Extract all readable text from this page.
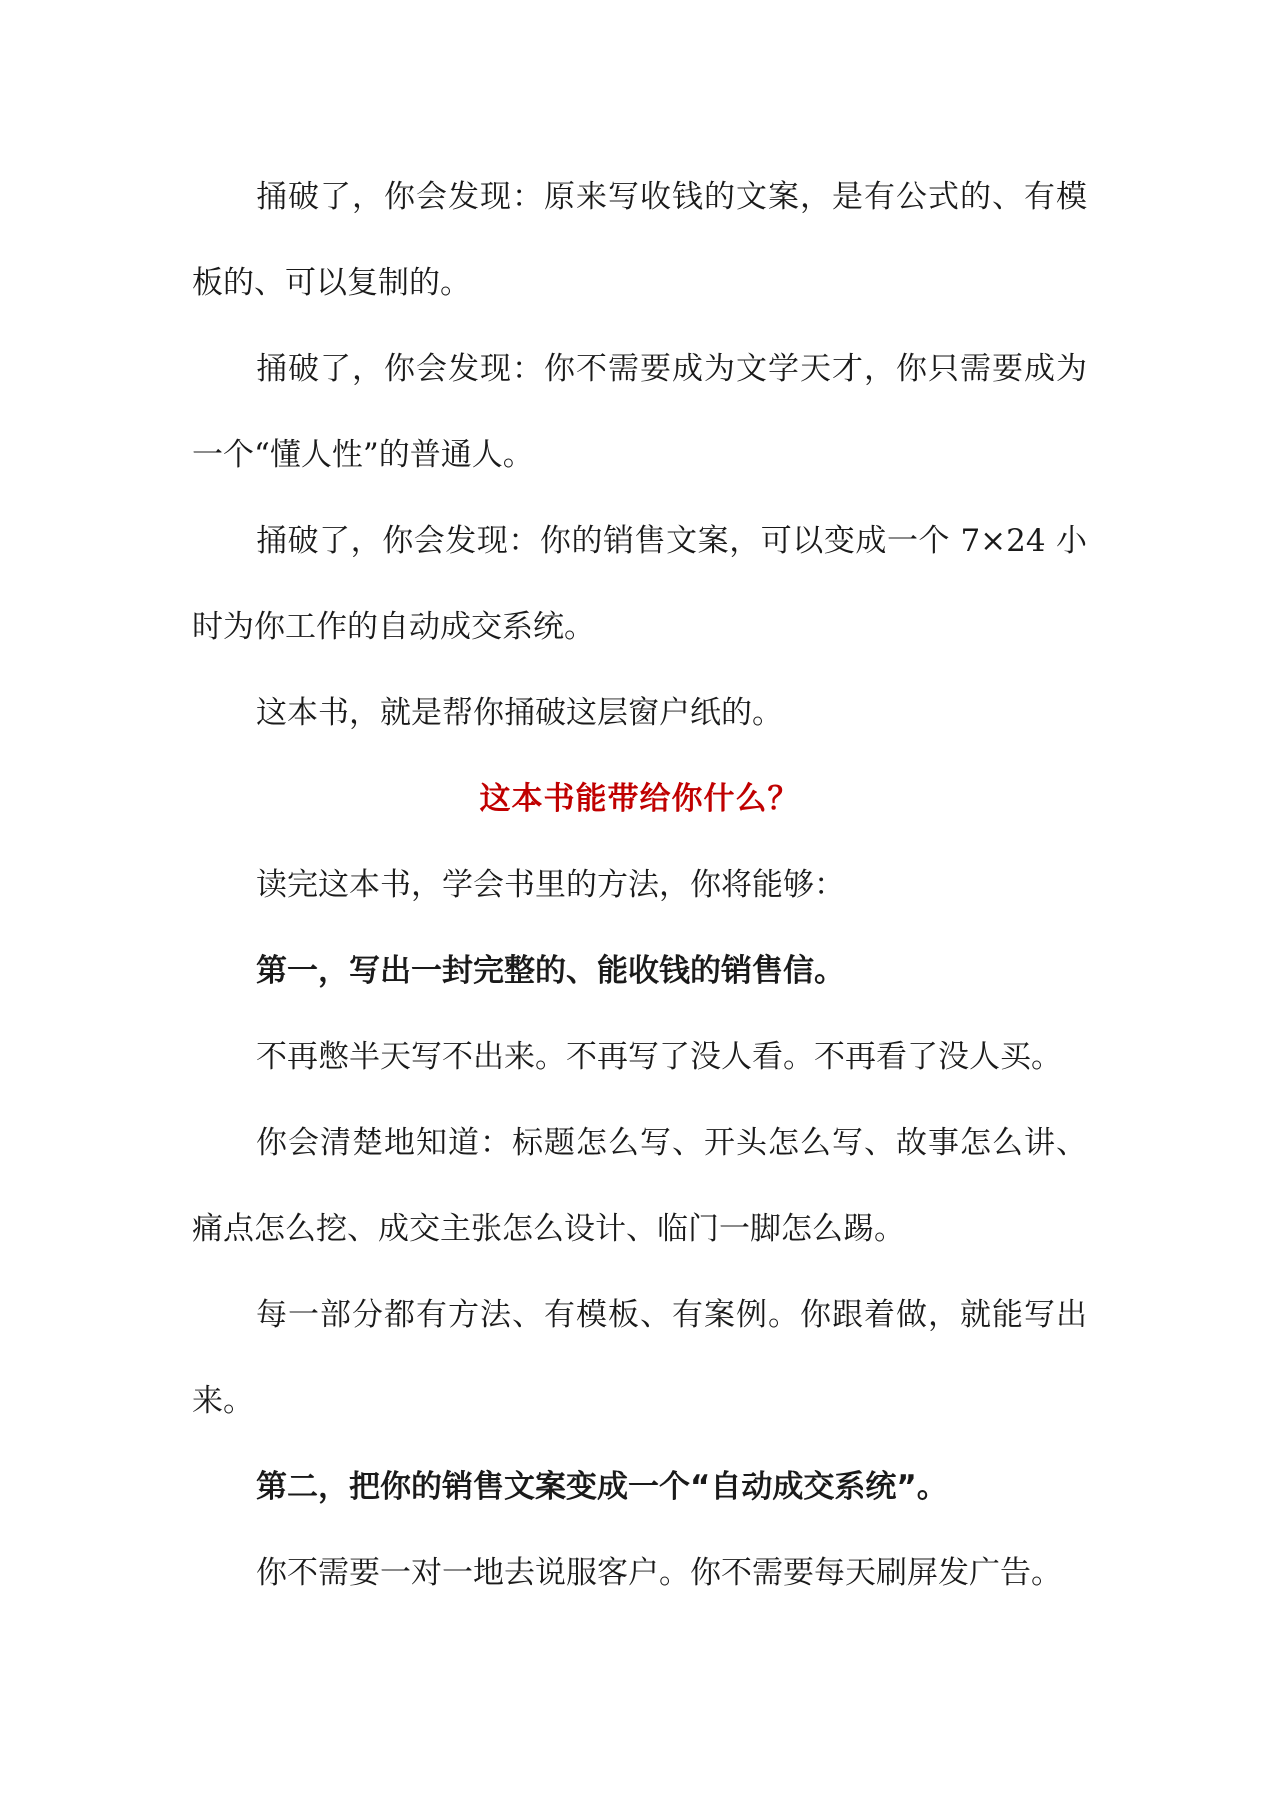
捅破了，你会发现：原来写收钱的文案，是有公式的、有模板的、可以复制的。

捅破了，你会发现：你不需要成为文学天才，你只需要成为一个“懂人性”的普通人。

捅破了，你会发现：你的销售文案，可以变成一个 7×24 小时为你工作的自动成交系统。

这本书，就是帮你捅破这层窗户纸的。

这本书能带给你什么？

读完这本书，学会书里的方法，你将能够：

第一，写出一封完整的、能收钱的销售信。

不再憋半天写不出来。不再写了没人看。不再看了没人买。

你会清楚地知道：标题怎么写、开头怎么写、故事怎么讲、痛点怎么挖、成交主张怎么设计、临门一脚怎么踢。

每一部分都有方法、有模板、有案例。你跟着做，就能写出来。

第二，把你的销售文案变成一个“自动成交系统”。

你不需要一对一地去说服客户。你不需要每天刷屏发广告。
